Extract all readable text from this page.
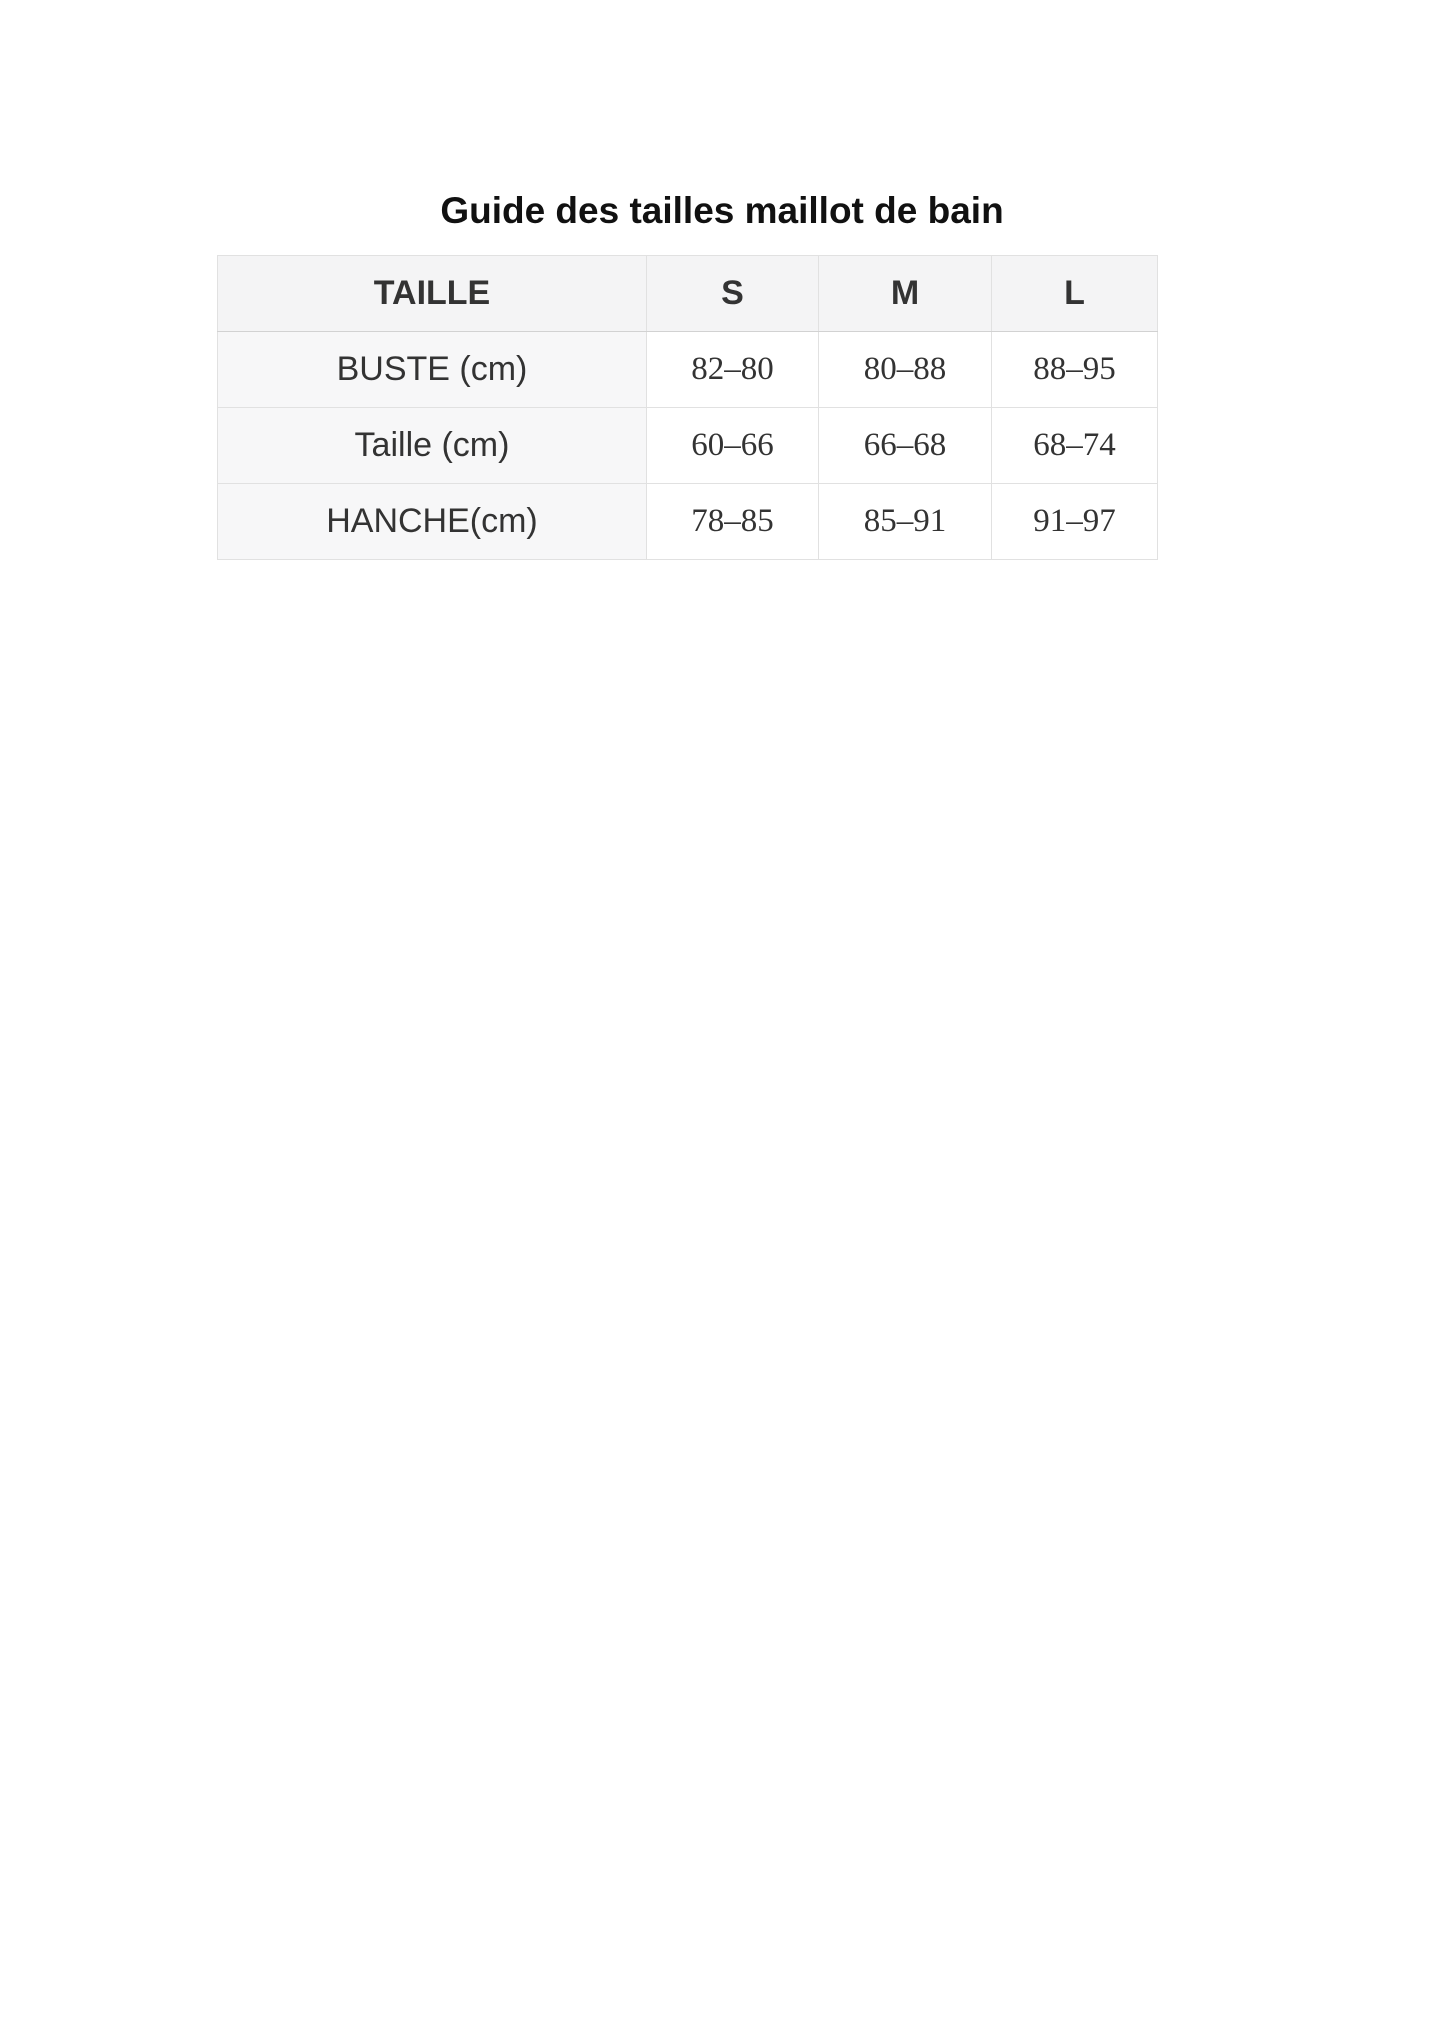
Guide des tailles maillot de bain
TAILLE	S	M	L
BUSTE (cm)	82–80	80–88	88–95
Taille (cm)	60–66	66–68	68–74
HANCHE(cm)	78–85	85–91	91–97
